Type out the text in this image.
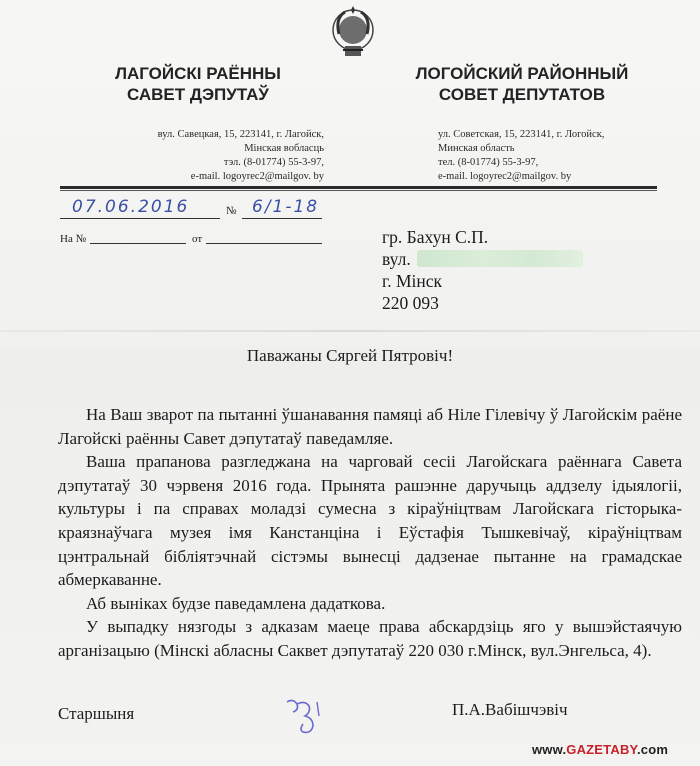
ЛАГОЙСКІ РАЁННЫ
САВЕТ ДЭПУТАЎ
ЛОГОЙСКИЙ РАЙОННЫЙ
СОВЕТ ДЕПУТАТОВ
вул. Савецкая, 15, 223141, г. Лагойск,
Мінская вобласць
тэл. (8-01774) 55-3-97,
e-mail. logoyrec2@mailgov. by
ул. Советская, 15, 223141, г. Логойск,
Минская область
тел. (8-01774) 55-3-97,
e-mail. logoyrec2@mailgov. by
07.06.2016	№ 6/1-18
На №	от	гр. Бахун С.П.
вул.
г. Мінск
220 093
Паважаны Сяргей Пятровіч!

На Ваш зварот па пытанні ўшанавання памяці аб Ніле Гілевічу ў Лагойскім раёне Лагойскі раённы Савет дэпутатаў паведамляе.

Ваша прапанова разгледжана на чарговай сесіі Лагойскага раённага Савета дэпутатаў 30 чэрвеня 2016 года. Прынята рашэнне даручыць аддзелу ідыялогіі, культуры і па справах моладзі сумесна з кіраўніцтвам Лагойскага гісторыка-краязнаўчага музея імя Канстанціна і Еўстафія Тышкевічаў, кіраўніцтвам цэнтральнай бібліятэчнай сістэмы вынесці дадзенае пытанне на грамадскае абмеркаванне.

Аб выніках будзе паведамлена дадаткова.

У выпадку нязгоды з адказам маеце права абскардзіць яго у вышэйстаячую арганізацыю (Мінскі абласны Саквет дэпутатаў 220 030 г.Мінск, вул.Энгельса, 4).

Старшыня	П.А.Вабішчэвіч
www.GAZETABY.com
